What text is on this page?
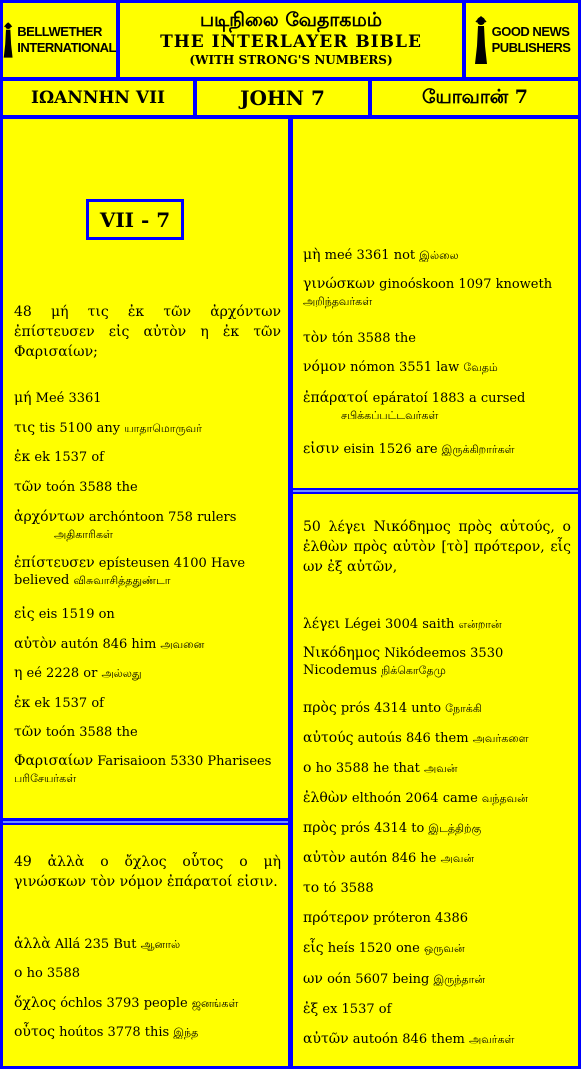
BELLWETHER
INTERNATIONAL
படிநிலை வேதாகமம்
THE INTERLAYER BIBLE
(WITH STRONG'S NUMBERS)
GOOD NEWS
PUBLISHERS
ΙΩΑΝΝΗΝ VII	JOHN 7	யோவான் 7
VII - 7
48 μή τις ἐκ τῶν ἀρχόντων ἐπίστευσεν εἰς αὐτὸν η ἐκ τῶν Φαρισαίων;
μή Meé 3361
τις tis 5100 any யாதாமொருவர்
ἐκ ek 1537 of
τῶν toón 3588 the
ἀρχόντων archóntoon 758 rulers
அதிகாரிகள்
ἐπίστευσεν epísteusen 4100 Have believed விசுவாசித்ததுண்டா
εἰς eis 1519 on
αὐτὸν autón 846 him அவனை
η eé 2228 or அல்லது
ἐκ ek 1537 of
τῶν toón 3588 the
Φαρισαίων Farisaioon 5330 Pharisees பரிசேயர்கள்
49 ἀλλὰ ο ὄχλος οὗτος ο μὴ γινώσκων τὸν νόμον ἐπάρατοί εἰσιν.
ἀλλὰ Allá 235 But ஆனால்
ο ho 3588
ὄχλος óchlos 3793 people ஜனங்கள்
οὗτος hoútos 3778 this இந்த
μὴ meé 3361 not இல்லை
γινώσκων ginoóskoon 1097 knoweth அறிந்தவர்கள்
τὸν tón 3588 the
νόμον nómon 3551 law வேதம்
ἐπάρατοί epáratoí 1883 a cursed
சபிக்கப்பட்டவர்கள்
εἰσιν eisin 1526 are இருக்கிறார்கள்
50 λέγει Νικόδημος πρὸς αὐτούς, ο ἐλθὼν πρὸς αὐτὸν [τὸ] πρότερον, εἷς ων ἐξ αὐτῶν,
λέγει Légei 3004 saith என்றான்
Νικόδημος Nikódeemos 3530 Nicodemus நிக்கொதேமு
πρὸς prós 4314 unto நோக்கி
αὐτούς autoús 846 them அவர்களை
ο ho 3588 he that அவன்
ἐλθὼν elthoón 2064 came வந்தவன்
πρὸς prós 4314 to இடத்திற்கு
αὐτὸν autón 846 he அவன்
το tó 3588
πρότερον próteron 4386
εἷς heís 1520 one ஒருவன்
ων oón 5607 being இருந்தான்
ἐξ ex 1537 of
αὐτῶν autoón 846 them அவர்கள்
